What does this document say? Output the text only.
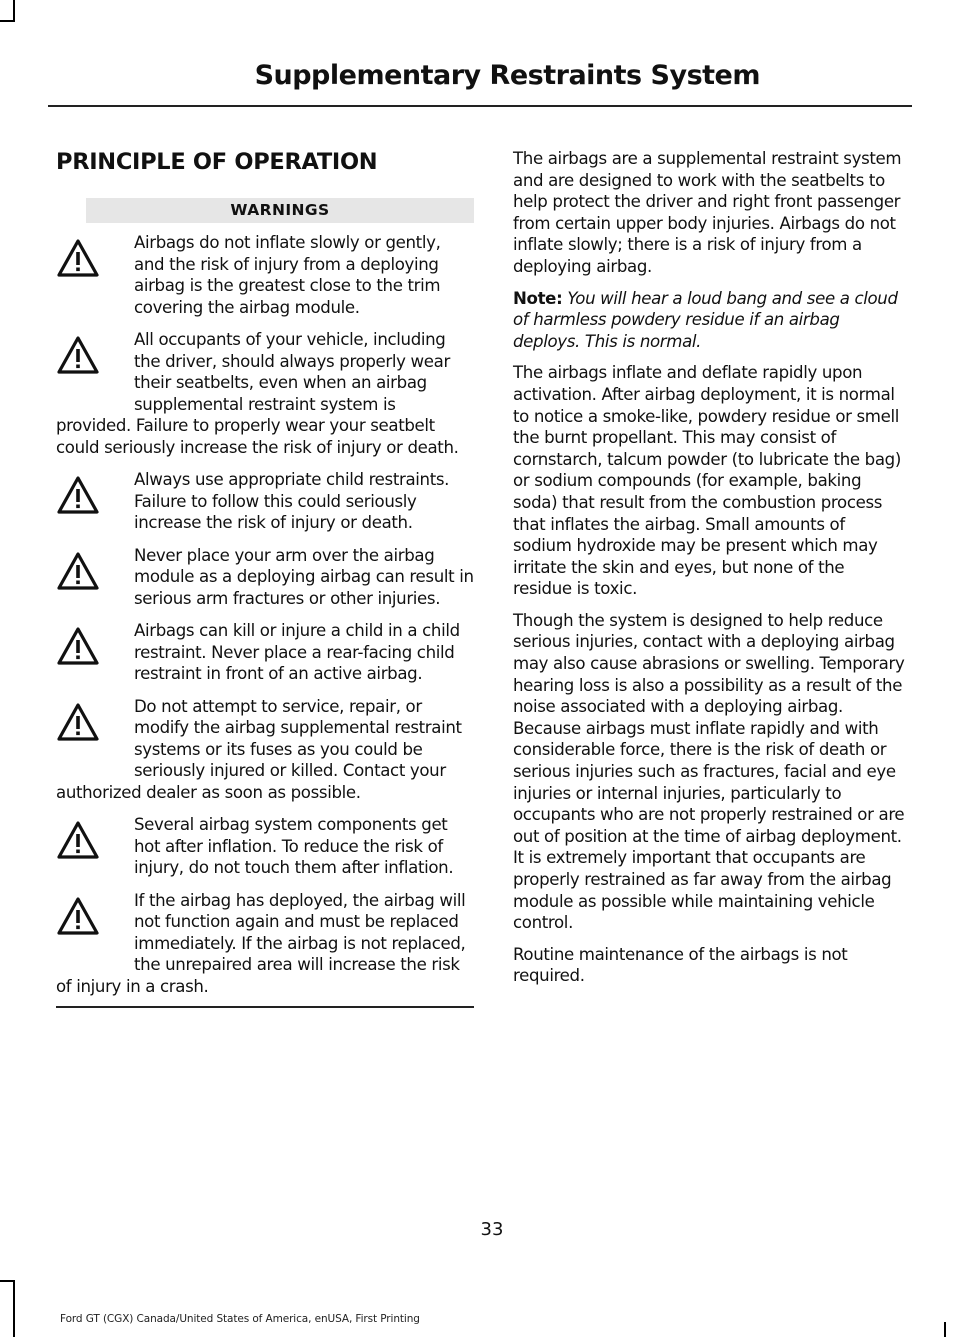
Supplementary Restraints System
PRINCIPLE OF OPERATION
WARNINGS
Airbags do not inflate slowly or gently, and the risk of injury from a deploying airbag is the greatest close to the trim covering the airbag module.
All occupants of your vehicle, including the driver, should always properly wear their seatbelts, even when an airbag supplemental restraint system is provided. Failure to properly wear your seatbelt could seriously increase the risk of injury or death.
Always use appropriate child restraints. Failure to follow this could seriously increase the risk of injury or death.
Never place your arm over the airbag module as a deploying airbag can result in serious arm fractures or other injuries.
Airbags can kill or injure a child in a child restraint. Never place a rear-facing child restraint in front of an active airbag.
Do not attempt to service, repair, or modify the airbag supplemental restraint systems or its fuses as you could be seriously injured or killed. Contact your authorized dealer as soon as possible.
Several airbag system components get hot after inflation. To reduce the risk of injury, do not touch them after inflation.
If the airbag has deployed, the airbag will not function again and must be replaced immediately. If the airbag is not replaced, the unrepaired area will increase the risk of injury in a crash.

The airbags are a supplemental restraint system and are designed to work with the seatbelts to help protect the driver and right front passenger from certain upper body injuries. Airbags do not inflate slowly; there is a risk of injury from a deploying airbag.

Note: You will hear a loud bang and see a cloud of harmless powdery residue if an airbag deploys. This is normal.

The airbags inflate and deflate rapidly upon activation. After airbag deployment, it is normal to notice a smoke-like, powdery residue or smell the burnt propellant. This may consist of cornstarch, talcum powder (to lubricate the bag) or sodium compounds (for example, baking soda) that result from the combustion process that inflates the airbag. Small amounts of sodium hydroxide may be present which may irritate the skin and eyes, but none of the residue is toxic.

Though the system is designed to help reduce serious injuries, contact with a deploying airbag may also cause abrasions or swelling. Temporary hearing loss is also a possibility as a result of the noise associated with a deploying airbag. Because airbags must inflate rapidly and with considerable force, there is the risk of death or serious injuries such as fractures, facial and eye injuries or internal injuries, particularly to occupants who are not properly restrained or are out of position at the time of airbag deployment. It is extremely important that occupants are properly restrained as far away from the airbag module as possible while maintaining vehicle control.

Routine maintenance of the airbags is not required.

33
Ford GT (CGX) Canada/United States of America, enUSA, First Printing
